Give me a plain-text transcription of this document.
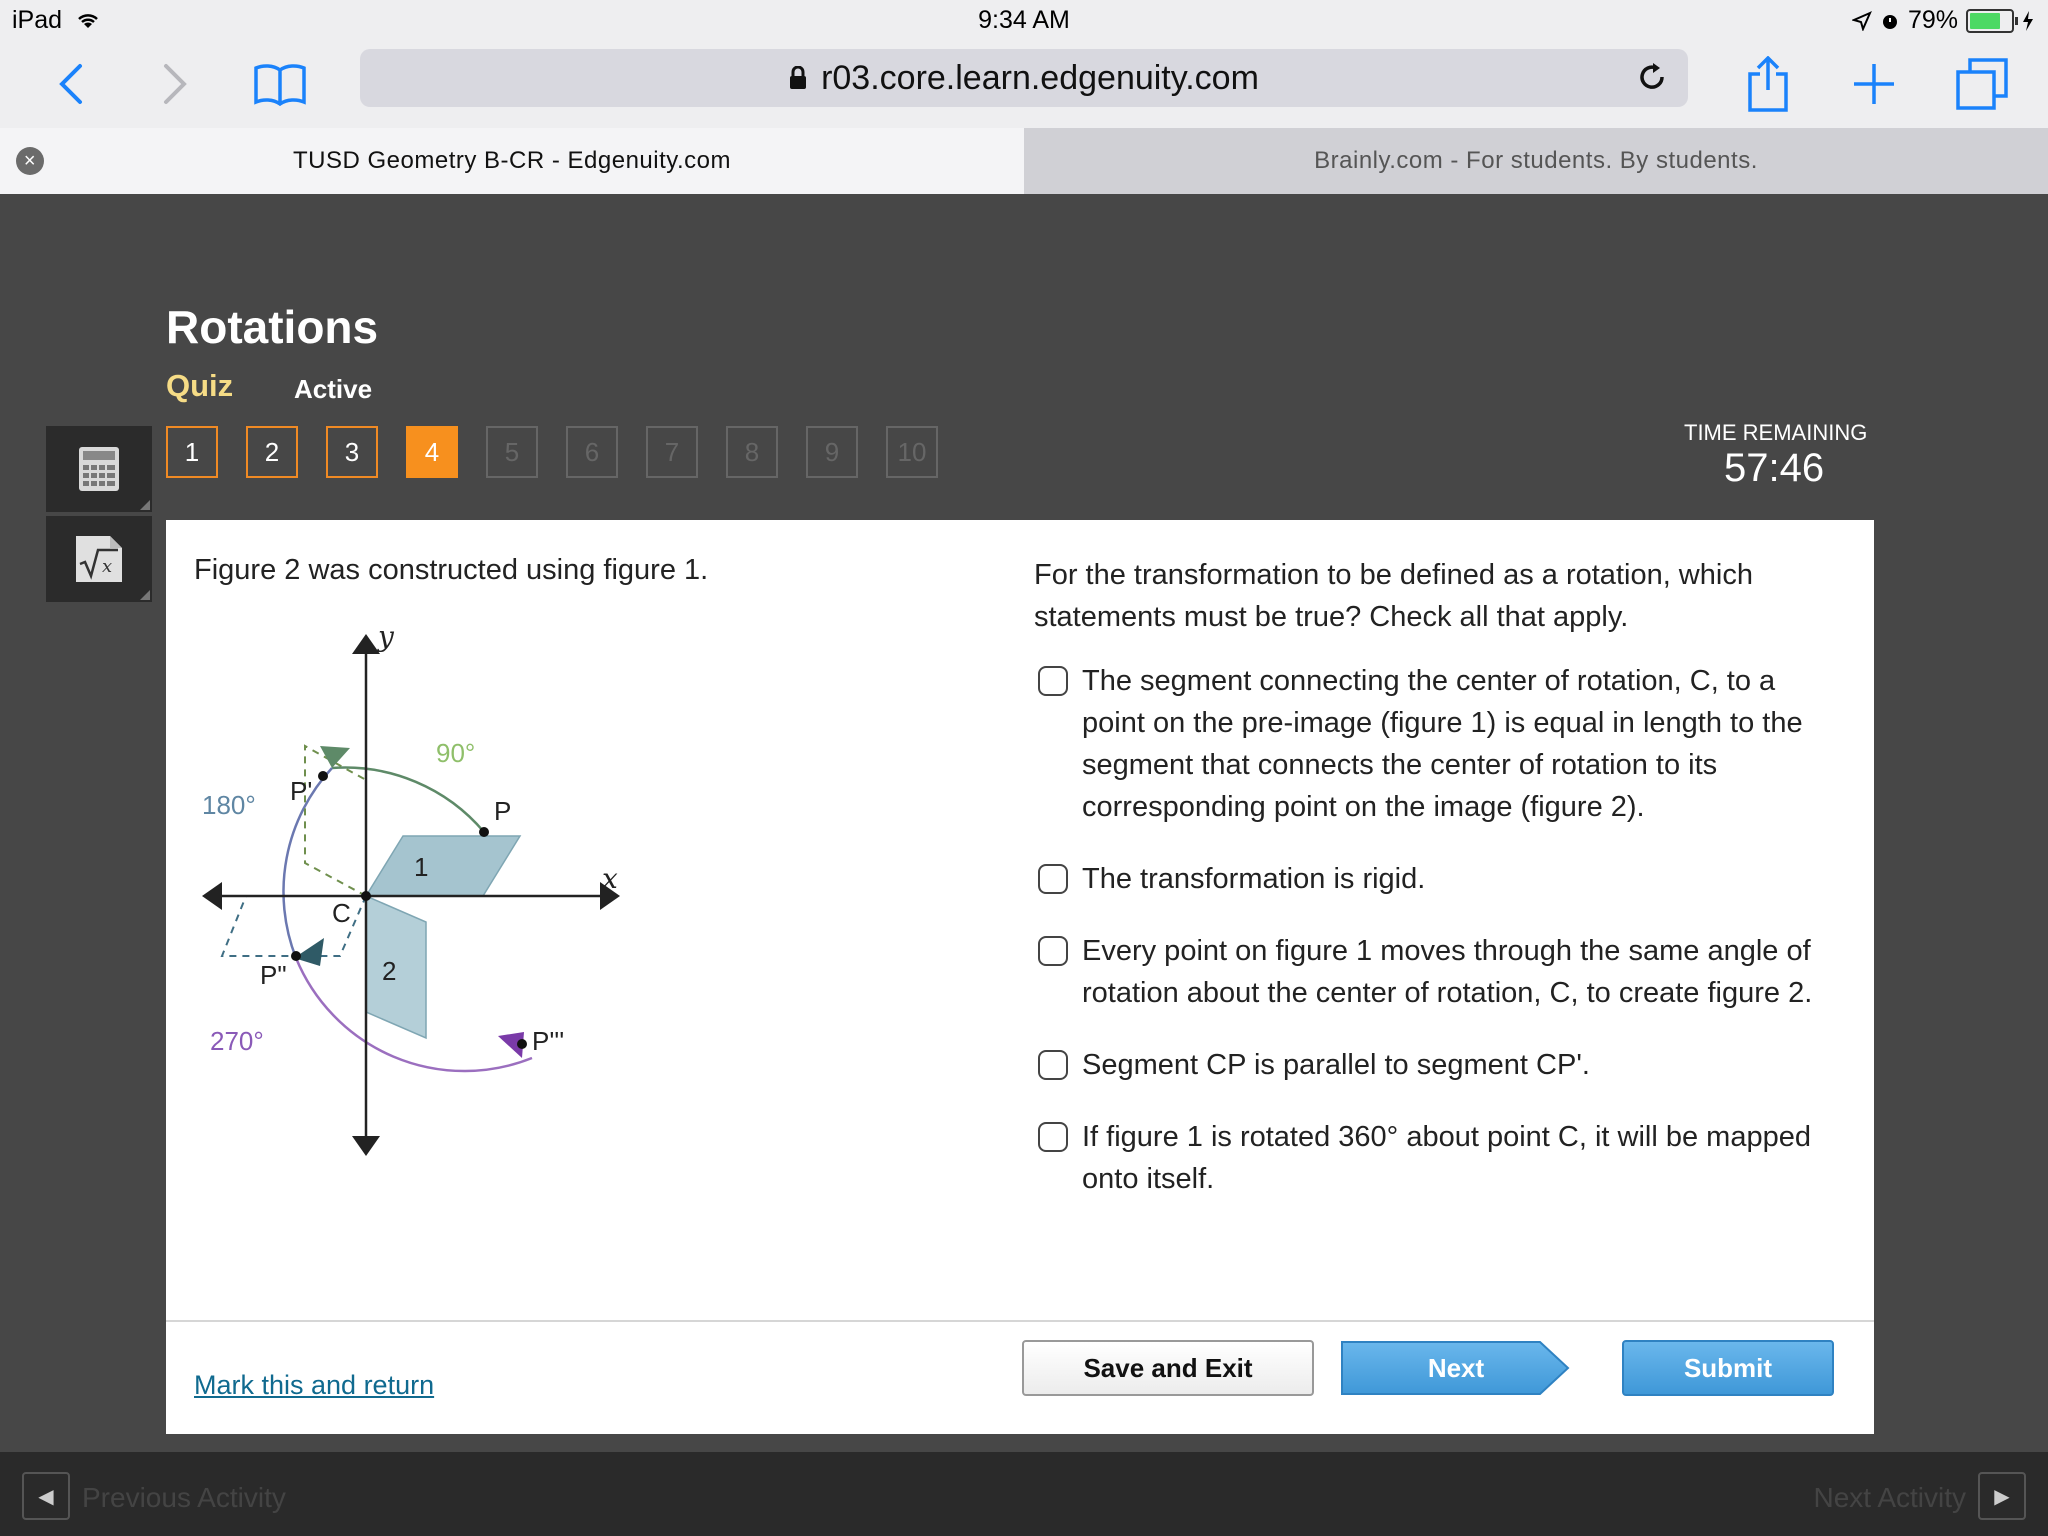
iPad	9:34 AM	79%
r03.core.learn.edgenuity.com
×	TUSD Geometry B-CR - Edgenuity.com	Brainly.com - For students. By students.
Rotations
Quiz Active
1	2	3	4	5	6	7	8	9	10
TIME REMAINING
57:46
x	Figure 2 was constructed using figure 1.
y
x
90°
180°
270°
P
P'
P"
P'''
C
1
2
For the transformation to be defined as a rotation, which statements must be true? Check all that apply.
The segment connecting the center of rotation, C, to a point on the pre-image (figure 1) is equal in length to the segment that connects the center of rotation to its corresponding point on the image (figure 2).
The transformation is rigid.
Every point on figure 1 moves through the same angle of rotation about the center of rotation, C, to create figure 2.
Segment CP is parallel to segment CP'.
If figure 1 is rotated 360° about point C, it will be mapped onto itself.
Mark this and return
Save and Exit	Next	Submit
◀	Previous Activity	Next Activity	▶
